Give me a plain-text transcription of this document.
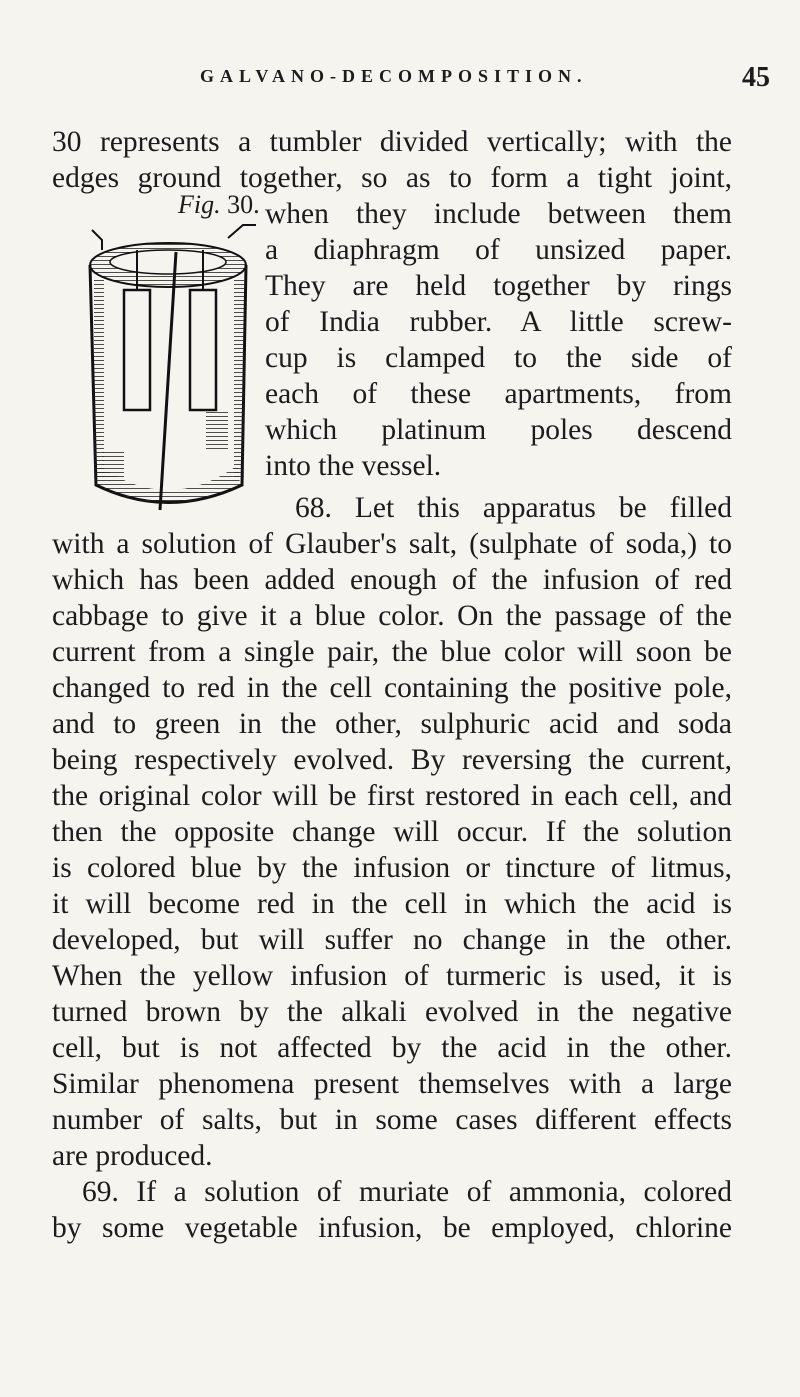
GALVANO-DECOMPOSITION.	45
Fig. 30.
30 represents a tumbler divided vertically; with the
edges ground together, so as to form a tight joint,
when they include between them
a diaphragm of unsized paper.
They are held together by rings
of India rubber. A little screw-
cup is clamped to the side of
each of these apartments, from
which platinum poles descend
into the vessel.
68. Let this apparatus be filled
with a solution of Glauber's salt, (sulphate of soda,) to
which has been added enough of the infusion of red
cabbage to give it a blue color. On the passage of the
current from a single pair, the blue color will soon be
changed to red in the cell containing the positive pole,
and to green in the other, sulphuric acid and soda
being respectively evolved. By reversing the current,
the original color will be first restored in each cell, and
then the opposite change will occur. If the solution
is colored blue by the infusion or tincture of litmus,
it will become red in the cell in which the acid is
developed, but will suffer no change in the other.
When the yellow infusion of turmeric is used, it is
turned brown by the alkali evolved in the negative
cell, but is not affected by the acid in the other.
Similar phenomena present themselves with a large
number of salts, but in some cases different effects
are produced.
69. If a solution of muriate of ammonia, colored
by some vegetable infusion, be employed, chlorine
